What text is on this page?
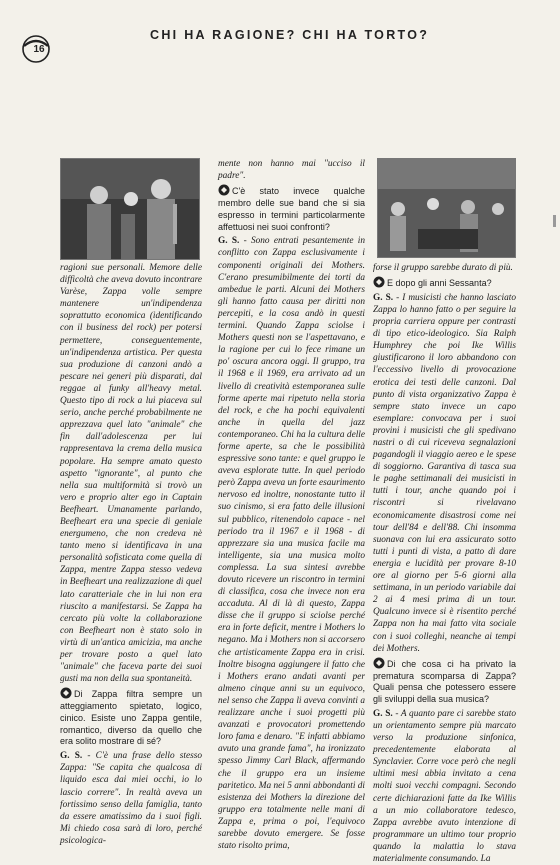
16
CHI HA RAGIONE? CHI HA TORTO?

ragioni sue personali. Memore delle difficoltà che aveva dovuto incontrare Varèse, Zappa volle sempre mantenere un'indipendenza soprattutto economica (identificando con il business del rock) per potersi permettere, conseguentemente, un'indipendenza artistica. Per questa sua produzione di canzoni andò a pescare nei generi più disparati, dal reggae al funky all'heavy metal. Questo tipo di rock a lui piaceva sul serio, anche perché probabilmente ne apprezzava quel lato "animale" che fin dall'adolescenza per lui rappresentava la crema della musica popolare. Ha sempre amato questo aspetto "ignorante", al punto che nella sua multiformità si trovò un vero e proprio alter ego in Captain Beefheart. Umanamente parlando, Beefheart era una specie di geniale energumeno, che non credeva nè tanto meno si identificava in una personalità sofisticata come quella di Zappa, mentre Zappa stesso vedeva in Beefheart una realizzazione di quel lato caratteriale che in lui non era riuscito a manifestarsi. Se Zappa ha cercato più volte la collaborazione con Beefheart non è stato solo in virtù di un'antica amicizia, ma anche per trovare posto a quel lato "animale" che faceva parte dei suoi gusti ma non della sua spontaneità.

Di Zappa filtra sempre un atteggiamento spietato, logico, cinico. Esiste uno Zappa gentile, romantico, diverso da quello che era solito mostrare di sé?

G. S. - C'è una frase dello stesso Zappa: "Se capita che qualcosa di liquido esca dai miei occhi, io lo lascio correre". In realtà aveva un fortissimo senso della famiglia, tanto da essere amatissimo da i suoi figli. Mi chiedo cosa sarà di loro, perché psicologica-

mente non hanno mai "ucciso il padre".

C'è stato invece qualche membro delle sue band che si sia espresso in termini particolarmente affettuosi nei suoi confronti?

G. S. - Sono entrati pesantemente in conflitto con Zappa esclusivamente i componenti originali dei Mothers. C'erano presumibilmente dei torti da ambedue le parti. Alcuni dei Mothers gli hanno fatto causa per diritti non percepiti, e la cosa andò in questi termini. Quando Zappa sciolse i Mothers questi non se l'aspettavano, e la ragione per cui lo fece rimane un po' oscura ancora oggi. Il gruppo, tra il 1968 e il 1969, era arrivato ad un livello di creatività estemporanea sulle forme aperte mai ripetuto nella storia del rock, e che ha pochi equivalenti anche in quella del jazz contemporaneo. Chi ha la cultura delle forme aperte, sa che le possibilità espressive sono tante: e quel gruppo le aveva esplorate tutte. In quel periodo però Zappa aveva un forte esaurimento nervoso ed inoltre, nonostante tutto il suo cinismo, si era fatto delle illusioni sul pubblico, ritenendolo capace - nel periodo tra il 1967 e il 1968 - di apprezzare sia una musica facile ma intelligente, sia una musica molto complessa. La sua sintesi avrebbe dovuto ricevere un riscontro in termini di classifica, cosa che invece non era accaduta. Al di là di questo, Zappa disse che il gruppo si sciolse perché era in forte deficit, mentre i Mothers lo negano. Ma i Mothers non si accorsero che artisticamente Zappa era in crisi. Inoltre bisogna aggiungere il fatto che i Mothers erano andati avanti per almeno cinque anni su un equivoco, nel senso che Zappa li aveva convinti a realizzare anche i suoi progetti più avanzati e provocatori promettendo loro fama e denaro. "E infatti abbiamo avuto una grande fama", ha ironizzato spesso Jimmy Carl Black, affermando che il gruppo era un insieme paritetico. Ma nei 5 anni abbondanti di esistenza dei Mothers la direzione del gruppo era totalmente nelle mani di Zappa e, prima o poi, l'equivoco sarebbe dovuto emergere. Se fosse stato risolto prima,

forse il gruppo sarebbe durato di più.

E dopo gli anni Sessanta?

G. S. - I musicisti che hanno lasciato Zappa lo hanno fatto o per seguire la propria carriera oppure per contrasti di tipo etico-ideologico. Sia Ralph Humphrey che poi Ike Willis giustificarono il loro abbandono con l'eccessivo livello di provocazione erotica dei testi delle canzoni. Dal punto di vista organizzativo Zappa è sempre stato invece un capo esemplare: convocava per i suoi provini i musicisti che gli spedivano nastri o di cui riceveva segnalazioni pagandogli il viaggio aereo e le spese di soggiorno. Garantiva di tasca sua le paghe settimanali dei musicisti in tutti i tour, anche quando poi i riscontri si rivelavano economicamente disastrosi come nei tour dell'84 e dell'88. Chi insomma suonava con lui era assicurato sotto tutti i punti di vista, a patto di dare energia e lucidità per provare 8-10 ore al giorno per 5-6 giorni alla settimana, in un periodo variabile dai 2 ai 4 mesi prima di un tour. Qualcuno invece si è risentito perché Zappa non ha mai fatto vita sociale con i suoi colleghi, neanche ai tempi dei Mothers.

Di che cosa ci ha privato la prematura scomparsa di Zappa? Quali pensa che potessero essere gli sviluppi della sua musica?

G. S. - A quanto pare ci sarebbe stato un orientamento sempre più marcato verso la produzione sinfonica, precedentemente elaborata al Synclavier. Corre voce però che negli ultimi mesi abbia invitato a cena molti suoi vecchi compagni. Secondo certe dichiarazioni fatte da Ike Willis a un mio collaboratore tedesco, Zappa avrebbe avuto intenzione di programmare un ultimo tour proprio quando la malattia lo stava materialmente consumando. La
